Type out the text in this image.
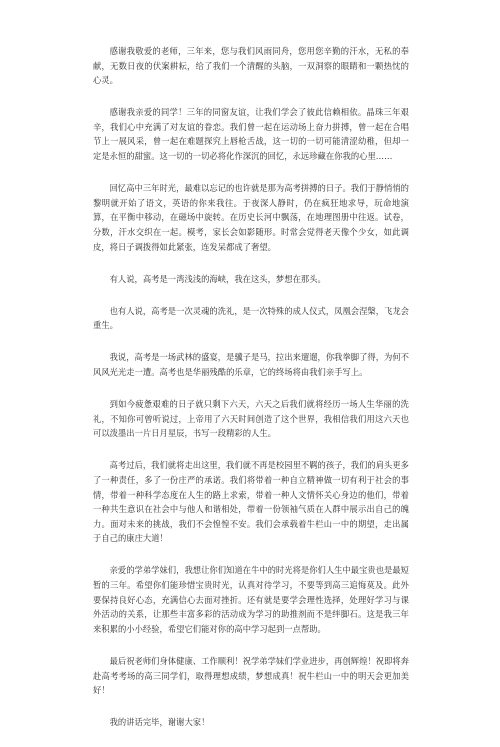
感谢我敬爱的老师，三年来，您与我们风雨同舟，您用您辛勤的汗水，无私的奉献，无数日夜的伏案耕耘，给了我们一个清醒的头脑，一双洞察的眼睛和一颗热忱的心灵。

感谢我亲爱的同学！三年的同窗友谊，让我们学会了彼此信赖相依。晶珠三年艰辛，我们心中充满了对友谊的眷恋。我们曾一起在运动场上奋力拼搏，曾一起在合唱节上一展风采，曾一起在难题探究上唇枪舌战，这一切的一切可能清涩幼稚，但却一定是永恒的甜蜜。这一切的一切必将化作深沉的回忆，永远珍藏在你我的心里……

回忆高中三年时光，最难以忘记的也许就是那为高考拼搏的日子。我们于静悄悄的黎明就开始了语文，英语的你来我往。于夜深人静时，仍在疯狂地求导，玩命地演算，在平衡中移动，在磁场中旋转。在历史长河中飘荡，在地理图册中往返。试卷，分数，汗水交织在一起。模考，家长会如影随形。时常会觉得老天像个少女，如此调皮，将日子调拨得如此紧张，连发呆都成了奢望。

有人说，高考是一湾浅浅的海峡，我在这头，梦想在那头。

也有人说，高考是一次灵魂的洗礼，是一次特殊的成人仪式，凤凰会涅槃，飞龙会重生。

我说，高考是一场武林的盛宴，是骥子是马，拉出来遛遛，你我拳脚了得，为何不风风光光走一遭。高考也是华丽残酷的乐章，它的终场将由我们亲手写上。

到如今疲惫艰难的日子就只剩下六天，六天之后我们就将经历一场人生华丽的洗礼，不知你可曾听说过，上帝用了六天时间创造了这个世界，我相信我们用这六天也可以泼墨出一片日月星辰，书写一段精彩的人生。

高考过后，我们就将走出这里，我们就不再是校园里不羁的孩子，我们的肩头更多了一种责任，多了一份庄严的承诺。我们将带着一种自立精神做一切有利于社会的事情，带着一种科学态度在人生的路上求索，带着一种人文情怀关心身边的他们，带着一种共生意识在社会中与他人和谐相处，带着一份领袖气质在人群中展示出自己的魄力。面对未来的挑战，我们不会惶惶不安。我们会承载着牛栏山一中的期望，走出属于自己的康庄大道！

亲爱的学弟学妹们，我想让你们知道在牛中的时光将是你们人生中最宝贵也是最短暂的三年。希望你们能珍惜宝贵时光，认真对待学习，不要等到高三追悔莫及。此外要保持良好心态，充满信心去面对挫折。还有就是要学会理性选择，处理好学习与课外活动的关系，让那些丰富多彩的活动成为学习的助推剂而不是绊脚石。这是我三年来积累的小小经验，希望它们能对你的高中学习起到一点帮助。

最后祝老师们身体健康、工作顺利！祝学弟学妹们学业进步，再创辉煌！祝即将奔赴高考考场的高三同学们，取得理想成绩，梦想成真！祝牛栏山一中的明天会更加美好！

我的讲话完毕，谢谢大家！
